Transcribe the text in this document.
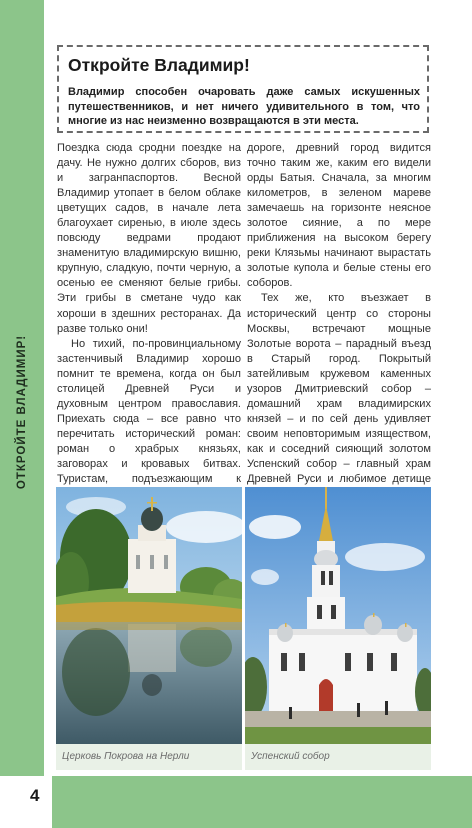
ОТКРОЙТЕ ВЛАДИМИР!
Откройте Владимир!
Владимир способен очаровать даже самых искушенных путешественников, и нет ничего удивительного в том, что многие из нас неизменно возвращаются в эти места.

Поездка сюда сродни поездке на дачу. Не нужно долгих сборов, виз и загранпаспортов. Весной Владимир утопает в белом облаке цветущих садов, в начале лета благоухает сиренью, в июле здесь повсюду ведрами продают знаменитую владимирскую вишню, крупную, сладкую, почти черную, а осенью ее сменяют белые грибы. Эти грибы в сметане чудо как хороши в здешних ресторанах. Да разве только они!

Но тихий, по-провинциальному застенчивый Владимир хорошо помнит те времена, когда он был столицей Древней Руси и духовным центром православия. Приехать сюда – все равно что перечитать исторический роман: роман о храбрых князьях, заговорах и кровавых битвах. Туристам, подъезжающим к

дороге, древний город видится точно таким же, каким его видели орды Батыя. Сначала, за многим километров, в зеленом мареве замечаешь на горизонте неясное золотое сияние, а по мере приближения на высоком берегу реки Клязьмы начинают вырастать золотые купола и белые стены его соборов.

Тех же, кто въезжает в исторический центр со стороны Москвы, встречают мощные Золотые ворота – парадный въезд в Старый город. Покрытый затейливым кружевом каменных узоров Дмитриевский собор – домашний храм владимирских князей – и по сей день удивляет своим неповторимым изяществом, как и соседний сияющий золотом Успенский собор – главный храм Древней Руси и любимое детище

Церковь Покрова на Нерли	Успенский собор
4
